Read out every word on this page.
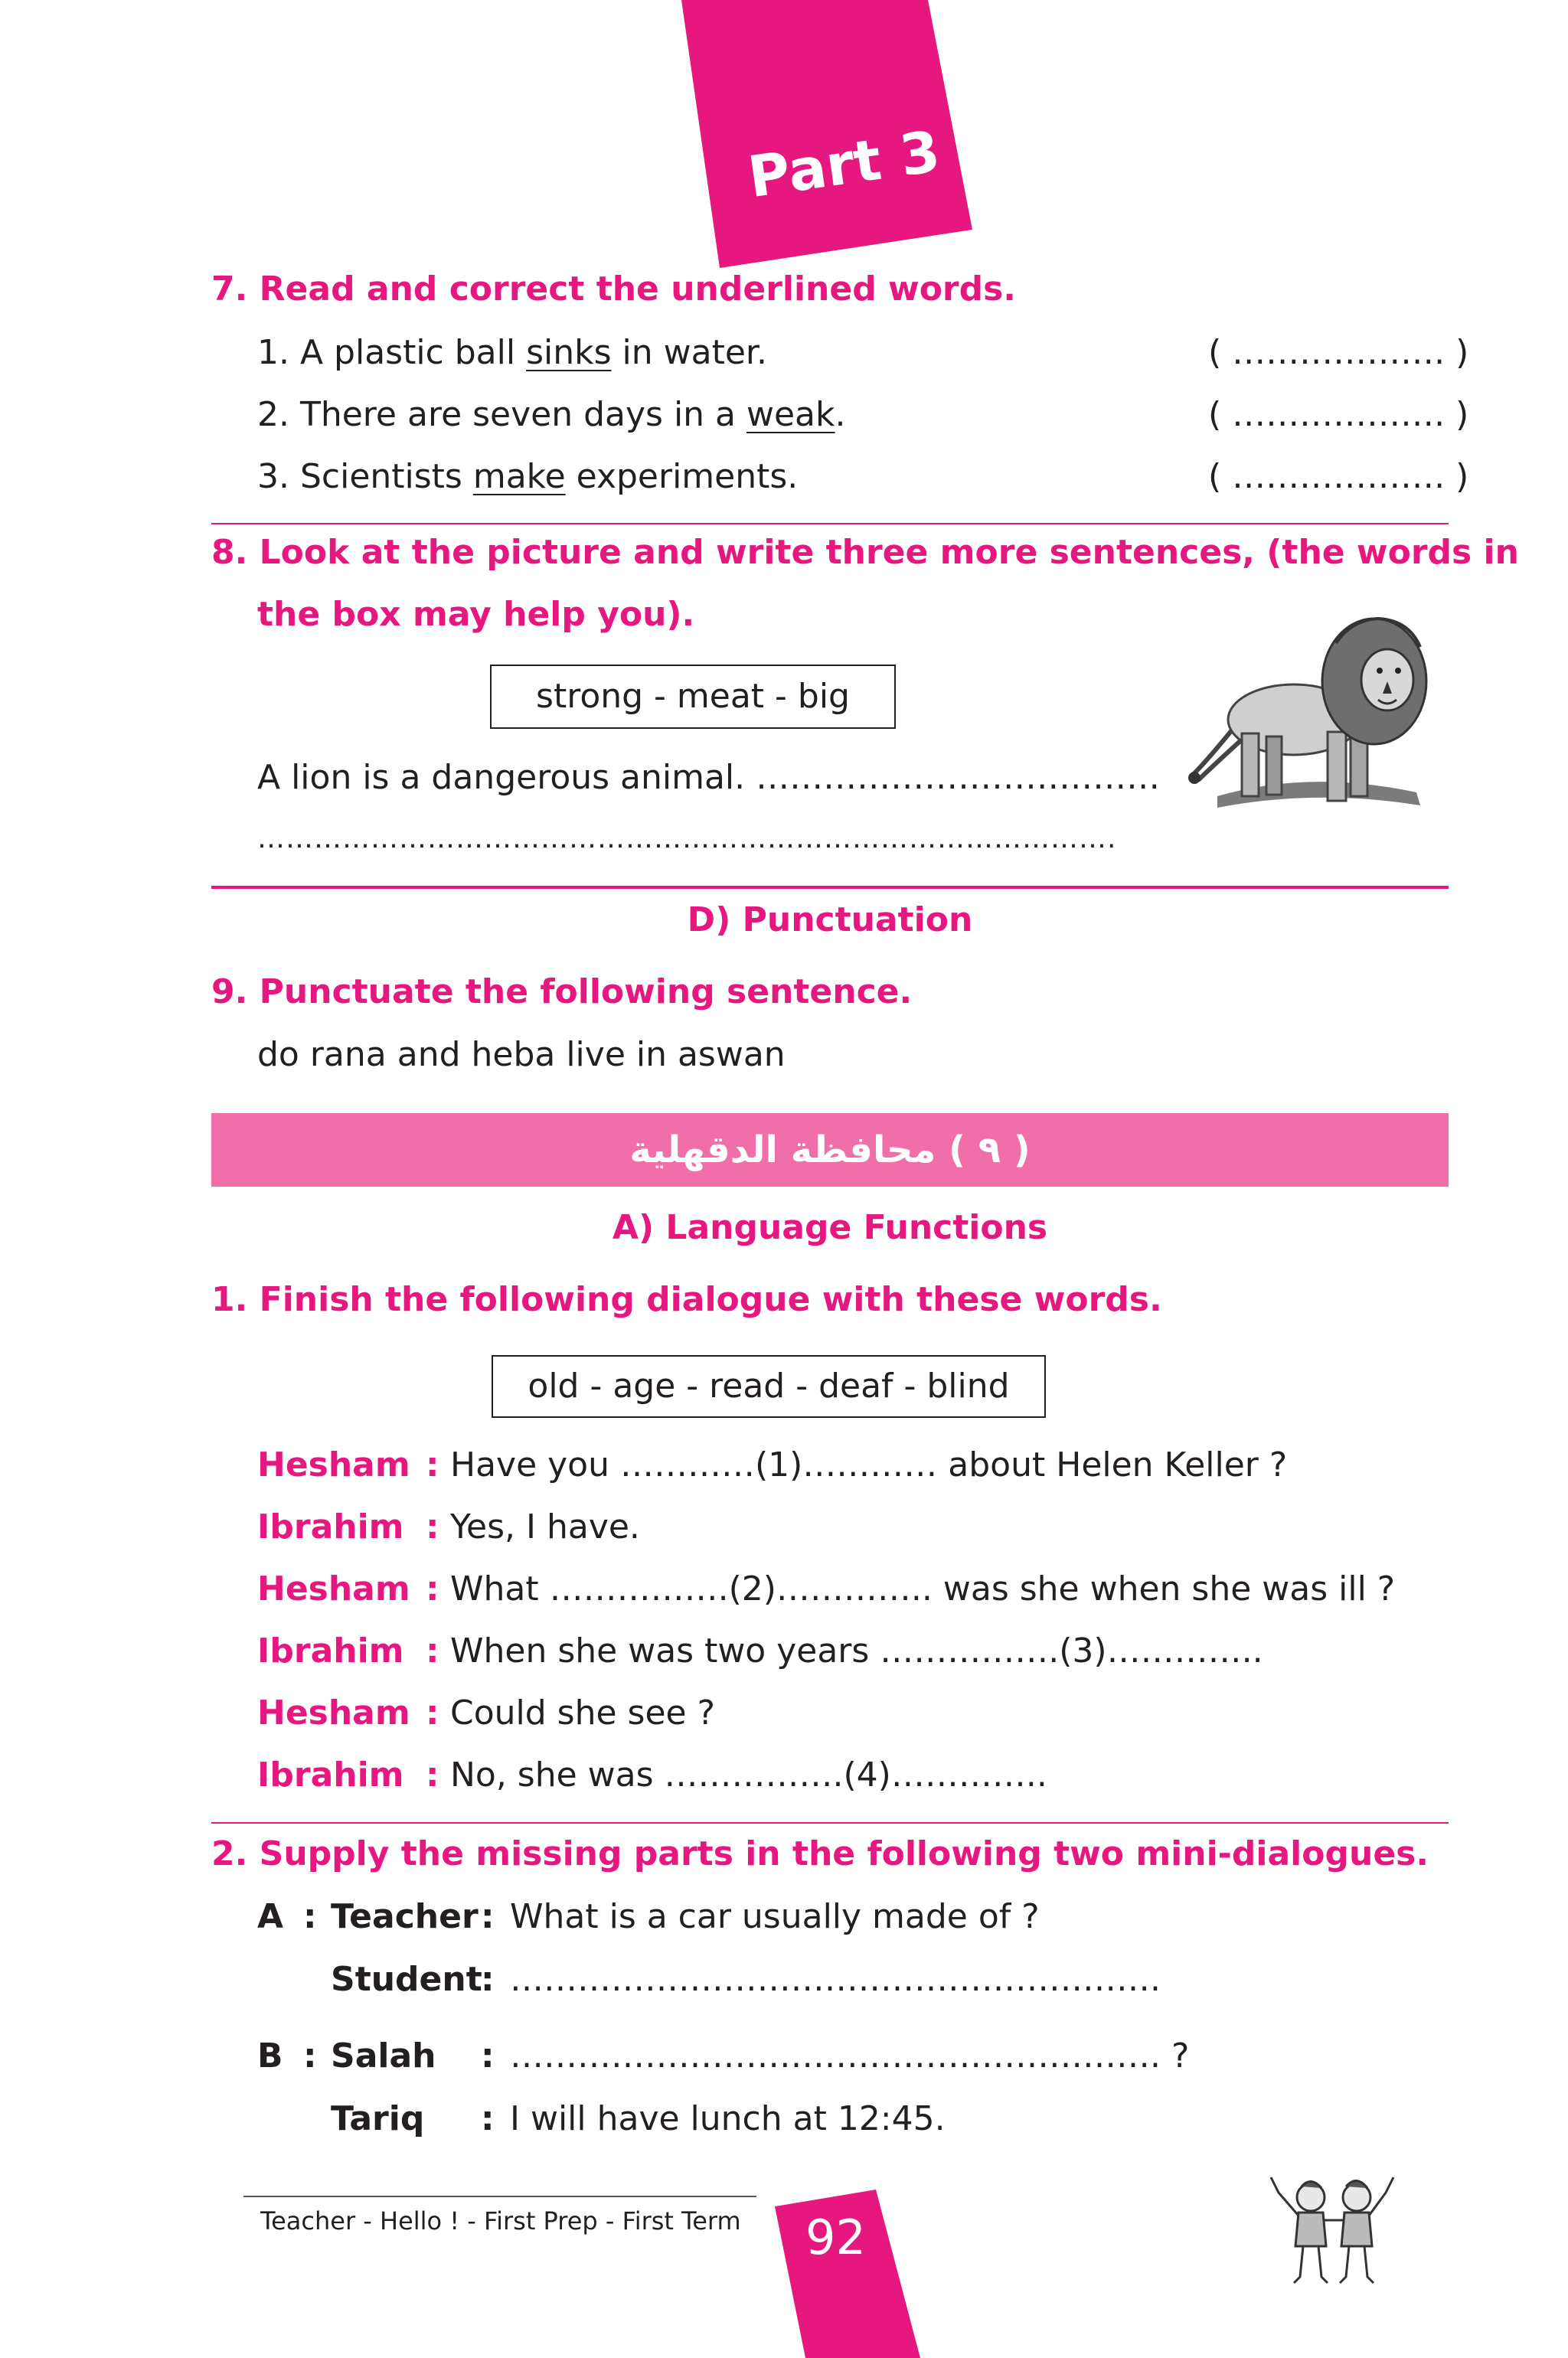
Part 3
7. Read and correct the underlined words.
1. A plastic ball sinks in water.	( ………………. )
2. There are seven days in a weak.	( ………………. )
3. Scientists make experiments.	( ………………. )
8. Look at the picture and write three more sentences, (the words in
the box may help you).
strong - meat - big
A lion is a dangerous animal. ………………………………
……………………………………………………………………………….
D) Punctuation
9. Punctuate the following sentence.
do rana and heba live in aswan
( ٩ ) محافظة الدقهلية
A) Language Functions
1. Finish the following dialogue with these words.
old - age - read - deaf - blind
Hesham : Have you …………(1)………… about Helen Keller ?
Ibrahim : Yes, I have.
Hesham : What …………….(2)………….. was she when she was ill ?
Ibrahim : When she was two years …………….(3)…………..
Hesham : Could she see ?
Ibrahim : No, she was …………….(4)…………..
2. Supply the missing parts in the following two mini-dialogues.
A : Teacher : What is a car usually made of ?
Student
: ………………………………………………….
B : Salah : …………………………………………………. ?
Tariq : I will have lunch at 12:45.
Teacher - Hello ! - First Prep - First Term 92
